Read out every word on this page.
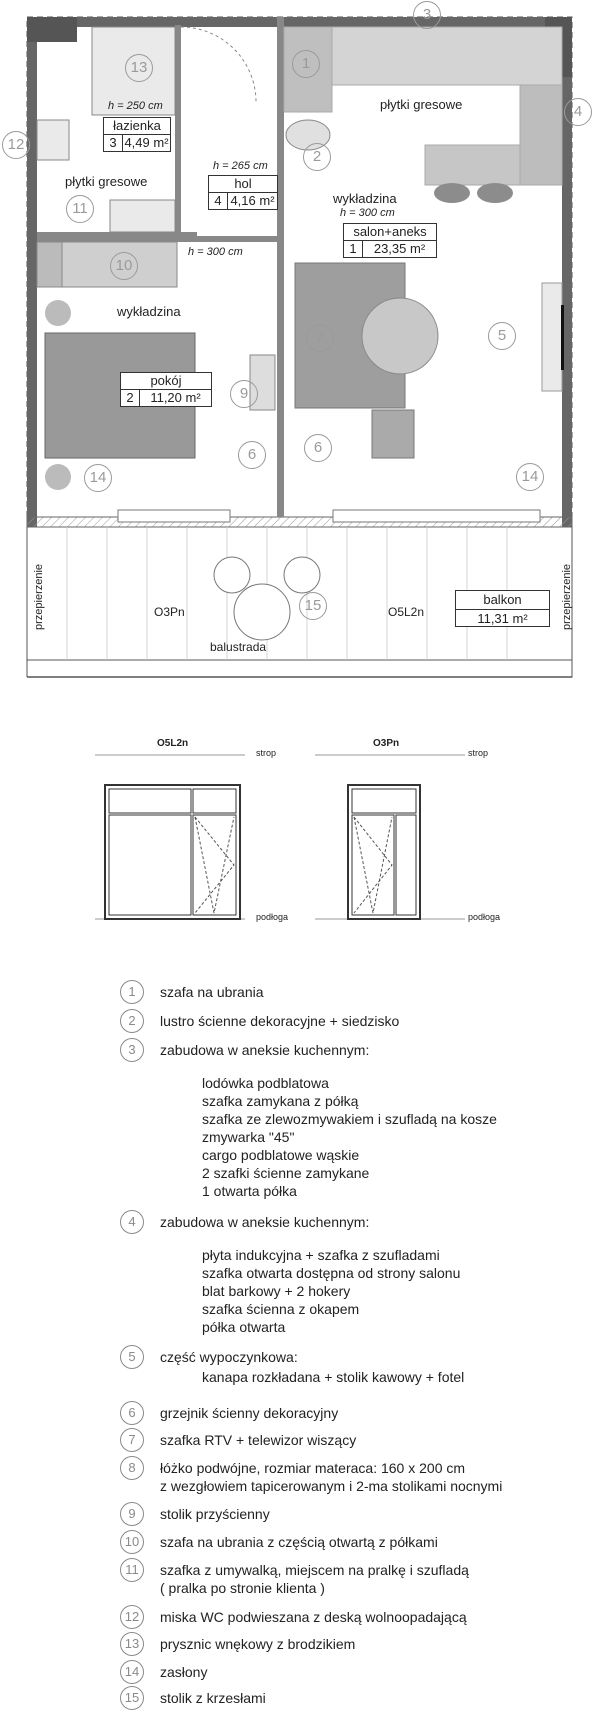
h = 250 cm
h = 265 cm
h = 300 cm
h = 300 cm
płytki gresowe
płytki gresowe
wykładzina
wykładzina
łazienka
3 4,49 m²
hol
4 4,16 m²
salon+aneks
1	23,35 m²
pokój
2	11,20 m²
balkon
11,31 m²
O3Pn	O5L2n
balustrada
przepierzenie	przepierzenie
1
2
3
4
5
6	6
7
8	9
10
11
12
13
14	14
15
O5L2n
strop
podłoga
O3Pn
strop
podłoga
1	szafa na ubrania
2	lustro ścienne dekoracyjne + siedzisko
3	zabudowa w aneksie kuchennym:
lodówka podblatowa
szafka zamykana z półką
szafka ze zlewozmywakiem i szufladą na kosze
zmywarka "45"
cargo podblatowe wąskie
2 szafki ścienne zamykane
1 otwarta półka
4	zabudowa w aneksie kuchennym:
płyta indukcyjna + szafka z szufladami
szafka otwarta dostępna od strony salonu
blat barkowy + 2 hokery
szafka ścienna z okapem
półka otwarta
5	część wypoczynkowa:
kanapa rozkładana + stolik kawowy + fotel
6	grzejnik ścienny dekoracyjny
7	szafka RTV + telewizor wiszący
8	łóżko podwójne, rozmiar materaca: 160 x 200 cm
z wezgłowiem tapicerowanym i 2-ma stolikami nocnymi
9	stolik przyścienny
10	szafa na ubrania z częścią otwartą z półkami
11	szafka z umywalką, miejscem na pralkę i szufladą
( pralka po stronie klienta )
12	miska WC podwieszana z deską wolnoopadającą
13	prysznic wnękowy z brodzikiem
14	zasłony
15	stolik z krzesłami
